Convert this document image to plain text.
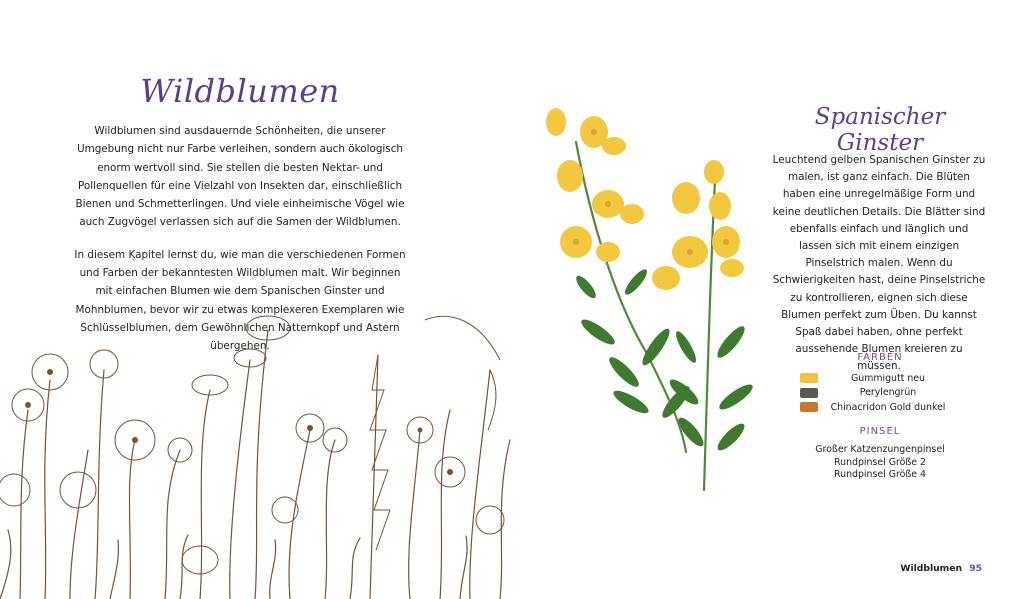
Wildblumen

Wildblumen sind ausdauernde Schönheiten, die unserer Umgebung nicht nur Farbe verleihen, sondern auch ökologisch enorm wertvoll sind. Sie stellen die besten Nektar- und Pollenquellen für eine Vielzahl von Insekten dar, einschließlich Bienen und Schmetterlingen. Und viele einheimische Vögel wie auch Zugvögel verlassen sich auf die Samen der Wildblumen.

In diesem Kapitel lernst du, wie man die verschiedenen Formen und Farben der bekanntesten Wildblumen malt. Wir beginnen mit einfachen Blumen wie dem Spanischen Ginster und Mohnblumen, bevor wir zu etwas komplexeren Exemplaren wie Schlüsselblumen, dem Gewöhnlichen Natternkopf und Astern übergehen.

Spanischer Ginster
Leuchtend gelben Spanischen Ginster zu malen, ist ganz einfach. Die Blüten haben eine unregelmäßige Form und keine deutlichen Details. Die Blätter sind ebenfalls einfach und länglich und lassen sich mit einem einzigen Pinselstrich malen. Wenn du Schwierigkeiten hast, deine Pinselstriche zu kontrollieren, eignen sich diese Blumen perfekt zum Üben. Du kannst Spaß dabei haben, ohne perfekt aussehende Blumen kreieren zu müssen.
FARBEN
Gummigutt neu
Perylengrün
Chinacridon Gold dunkel
PINSEL
Großer Katzenzungenpinsel
Rundpinsel Größe 2
Rundpinsel Größe 4
Wildblumen 95
